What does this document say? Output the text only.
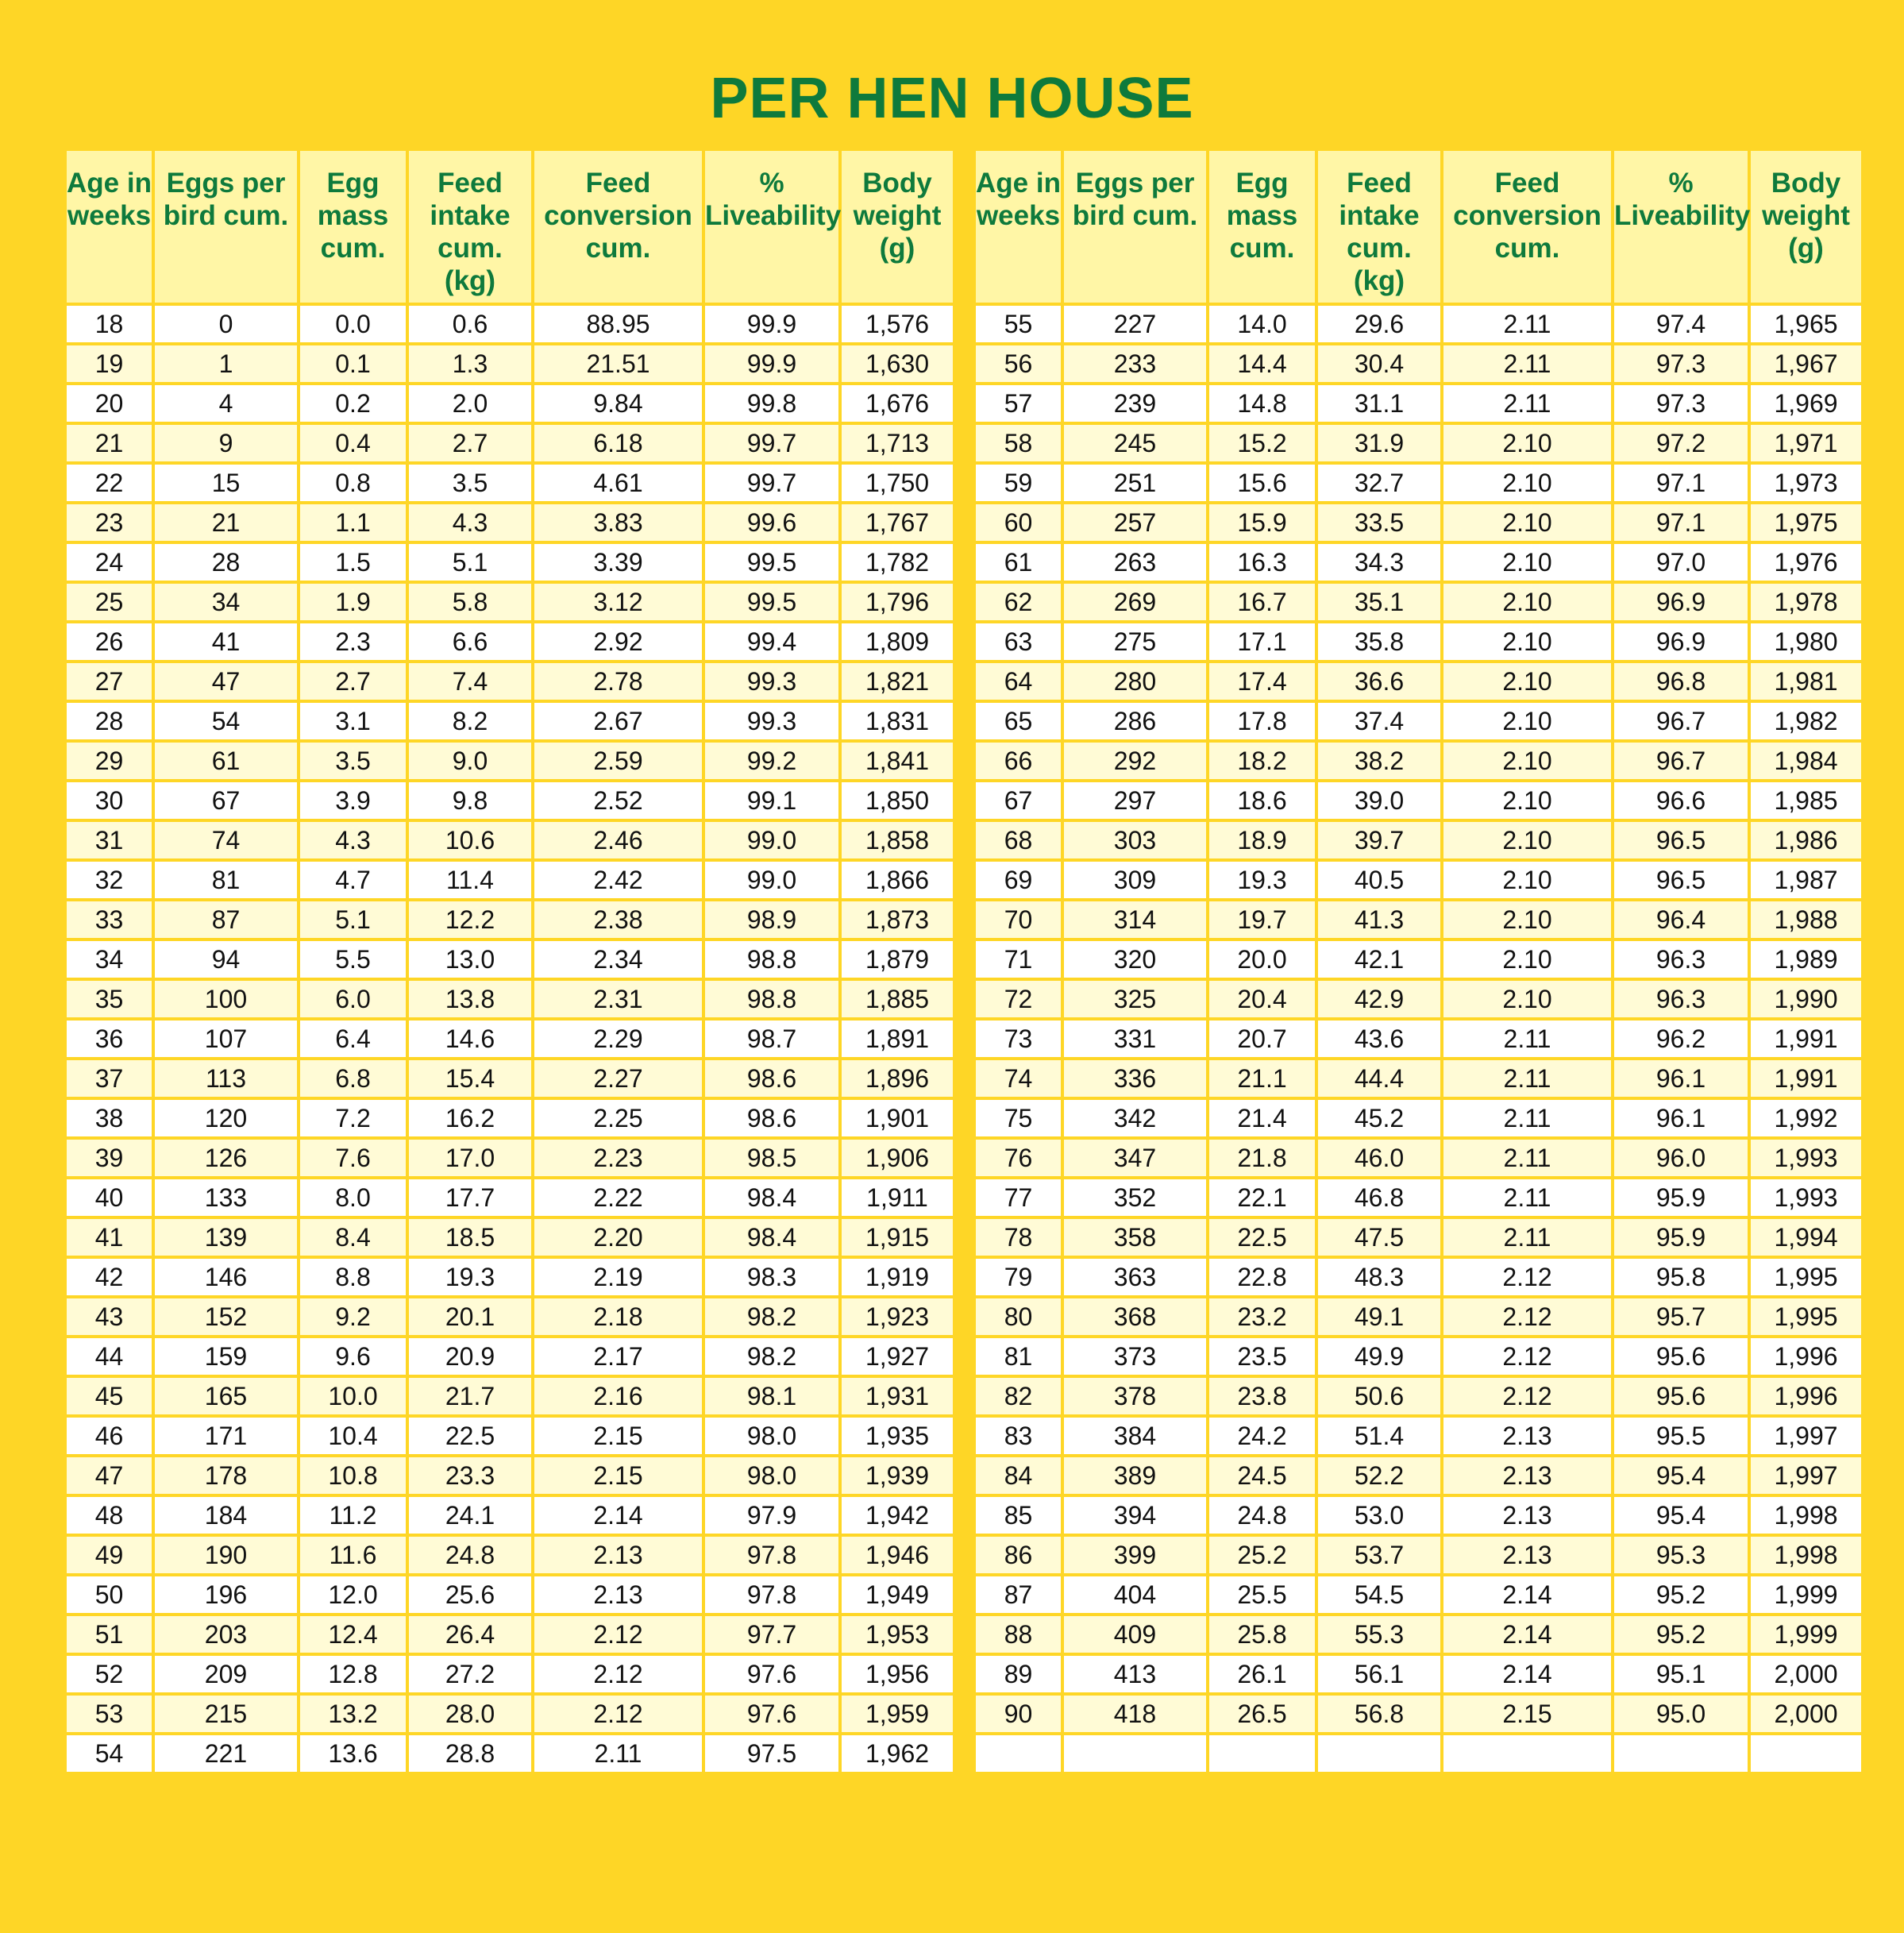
PER HEN HOUSE
Age in weeks	Eggs per bird cum.	Egg mass cum.	Feed intake cum. (kg)	Feed conversion cum.	% Liveability	Body weight (g)
18	0	0.0	0.6	88.95	99.9	1,576
19	1	0.1	1.3	21.51	99.9	1,630
20	4	0.2	2.0	9.84	99.8	1,676
21	9	0.4	2.7	6.18	99.7	1,713
22	15	0.8	3.5	4.61	99.7	1,750
23	21	1.1	4.3	3.83	99.6	1,767
24	28	1.5	5.1	3.39	99.5	1,782
25	34	1.9	5.8	3.12	99.5	1,796
26	41	2.3	6.6	2.92	99.4	1,809
27	47	2.7	7.4	2.78	99.3	1,821
28	54	3.1	8.2	2.67	99.3	1,831
29	61	3.5	9.0	2.59	99.2	1,841
30	67	3.9	9.8	2.52	99.1	1,850
31	74	4.3	10.6	2.46	99.0	1,858
32	81	4.7	11.4	2.42	99.0	1,866
33	87	5.1	12.2	2.38	98.9	1,873
34	94	5.5	13.0	2.34	98.8	1,879
35	100	6.0	13.8	2.31	98.8	1,885
36	107	6.4	14.6	2.29	98.7	1,891
37	113	6.8	15.4	2.27	98.6	1,896
38	120	7.2	16.2	2.25	98.6	1,901
39	126	7.6	17.0	2.23	98.5	1,906
40	133	8.0	17.7	2.22	98.4	1,911
41	139	8.4	18.5	2.20	98.4	1,915
42	146	8.8	19.3	2.19	98.3	1,919
43	152	9.2	20.1	2.18	98.2	1,923
44	159	9.6	20.9	2.17	98.2	1,927
45	165	10.0	21.7	2.16	98.1	1,931
46	171	10.4	22.5	2.15	98.0	1,935
47	178	10.8	23.3	2.15	98.0	1,939
48	184	11.2	24.1	2.14	97.9	1,942
49	190	11.6	24.8	2.13	97.8	1,946
50	196	12.0	25.6	2.13	97.8	1,949
51	203	12.4	26.4	2.12	97.7	1,953
52	209	12.8	27.2	2.12	97.6	1,956
53	215	13.2	28.0	2.12	97.6	1,959
54	221	13.6	28.8	2.11	97.5	1,962
Age in weeks	Eggs per bird cum.	Egg mass cum.	Feed intake cum. (kg)	Feed conversion cum.	% Liveability	Body weight (g)
55	227	14.0	29.6	2.11	97.4	1,965
56	233	14.4	30.4	2.11	97.3	1,967
57	239	14.8	31.1	2.11	97.3	1,969
58	245	15.2	31.9	2.10	97.2	1,971
59	251	15.6	32.7	2.10	97.1	1,973
60	257	15.9	33.5	2.10	97.1	1,975
61	263	16.3	34.3	2.10	97.0	1,976
62	269	16.7	35.1	2.10	96.9	1,978
63	275	17.1	35.8	2.10	96.9	1,980
64	280	17.4	36.6	2.10	96.8	1,981
65	286	17.8	37.4	2.10	96.7	1,982
66	292	18.2	38.2	2.10	96.7	1,984
67	297	18.6	39.0	2.10	96.6	1,985
68	303	18.9	39.7	2.10	96.5	1,986
69	309	19.3	40.5	2.10	96.5	1,987
70	314	19.7	41.3	2.10	96.4	1,988
71	320	20.0	42.1	2.10	96.3	1,989
72	325	20.4	42.9	2.10	96.3	1,990
73	331	20.7	43.6	2.11	96.2	1,991
74	336	21.1	44.4	2.11	96.1	1,991
75	342	21.4	45.2	2.11	96.1	1,992
76	347	21.8	46.0	2.11	96.0	1,993
77	352	22.1	46.8	2.11	95.9	1,993
78	358	22.5	47.5	2.11	95.9	1,994
79	363	22.8	48.3	2.12	95.8	1,995
80	368	23.2	49.1	2.12	95.7	1,995
81	373	23.5	49.9	2.12	95.6	1,996
82	378	23.8	50.6	2.12	95.6	1,996
83	384	24.2	51.4	2.13	95.5	1,997
84	389	24.5	52.2	2.13	95.4	1,997
85	394	24.8	53.0	2.13	95.4	1,998
86	399	25.2	53.7	2.13	95.3	1,998
87	404	25.5	54.5	2.14	95.2	1,999
88	409	25.8	55.3	2.14	95.2	1,999
89	413	26.1	56.1	2.14	95.1	2,000
90	418	26.5	56.8	2.15	95.0	2,000
